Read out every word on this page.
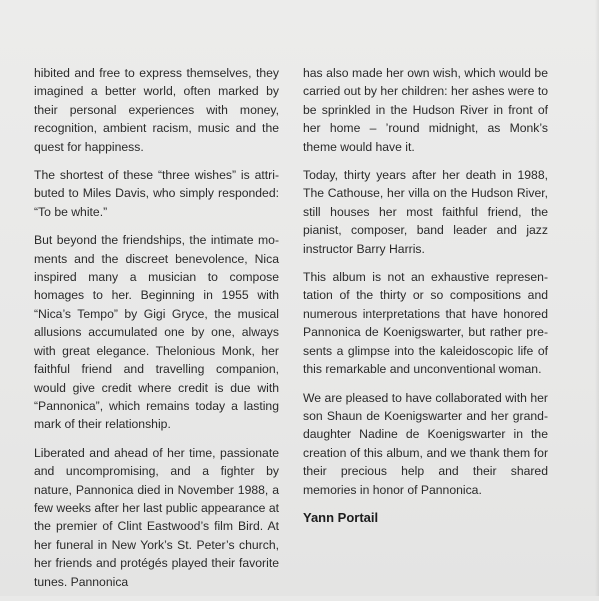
hibited and free to express themselves, they imagined a better world, often marked by their personal experiences with money, recognition, ambient racism, music and the quest for happiness.

The shortest of these “three wishes” is attributed to Miles Davis, who simply responded: “To be white.”

But beyond the friendships, the intimate moments and the discreet benevolence, Nica inspired many a musician to compose homages to her. Beginning in 1955 with “Nica’s Tempo” by Gigi Gryce, the musical allusions accumulated one by one, always with great elegance. Thelonious Monk, her faithful friend and travelling companion, would give credit where credit is due with “Pannonica”, which remains today a lasting mark of their relationship.

Liberated and ahead of her time, passionate and uncompromising, and a fighter by nature, Pannonica died in November 1988, a few weeks after her last public appearance at the premier of Clint Eastwood’s film Bird. At her funeral in New York’s St. Peter’s church, her friends and protégés played their favorite tunes. Pannonica

has also made her own wish, which would be carried out by her children: her ashes were to be sprinkled in the Hudson River in front of her home – ’round midnight, as Monk’s theme would have it.

Today, thirty years after her death in 1988, The Cathouse, her villa on the Hudson River, still houses her most faithful friend, the pianist, composer, band leader and jazz instructor Barry Harris.

This album is not an exhaustive representation of the thirty or so compositions and numerous interpretations that have honored Pannonica de Koenigswarter, but rather presents a glimpse into the kaleidoscopic life of this remarkable and unconventional woman.

We are pleased to have collaborated with her son Shaun de Koenigswarter and her granddaughter Nadine de Koenigswarter in the creation of this album, and we thank them for their precious help and their shared memories in honor of Pannonica.

Yann Portail
